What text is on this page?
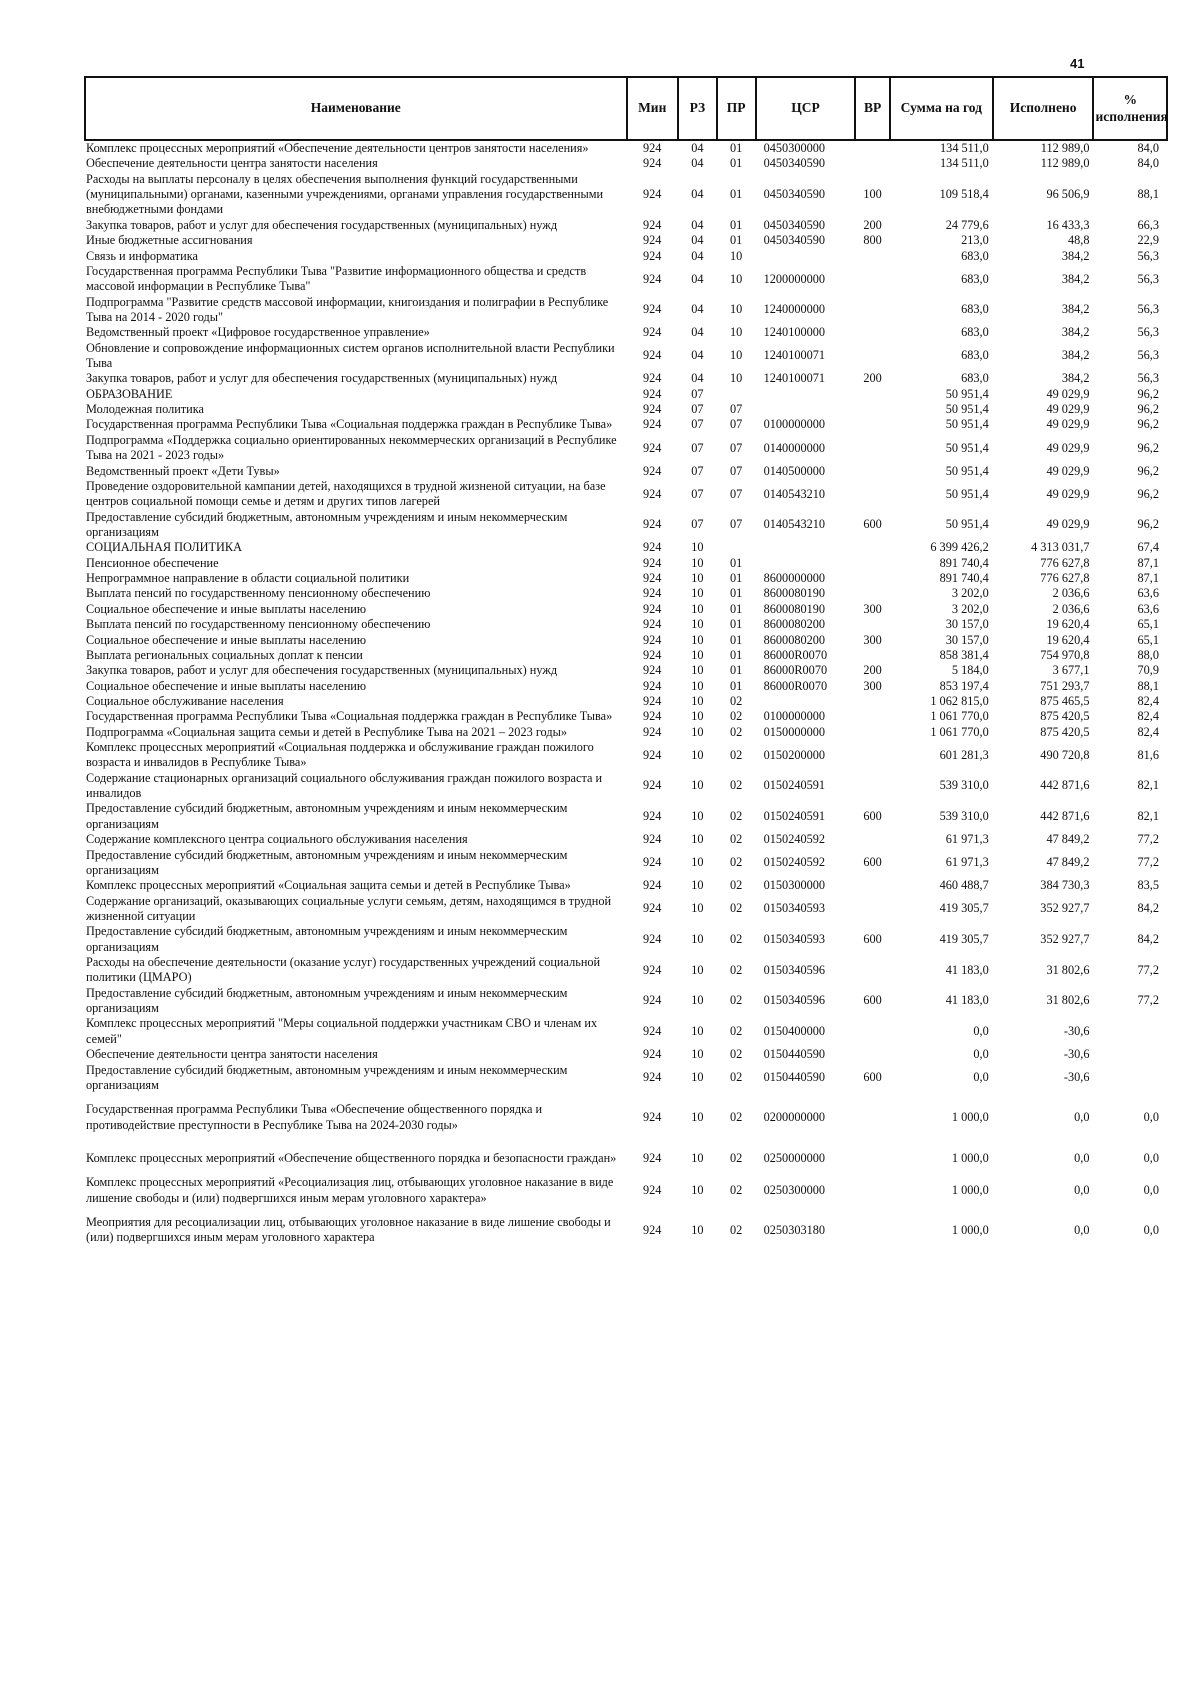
41
Наименование	Мин	РЗ	ПР	ЦСР	ВР	Сумма на год	Исполнено	% исполнения
Комплекс процессных мероприятий «Обеспечение деятельности центров занятости населения»	924	04	01	0450300000		134 511,0	112 989,0	84,0
Обеспечение деятельности центра занятости населения	924	04	01	0450340590		134 511,0	112 989,0	84,0
Расходы на выплаты персоналу в целях обеспечения выполнения функций государственными (муниципальными) органами, казенными учреждениями, органами управления государственными внебюджетными фондами	924	04	01	0450340590	100	109 518,4	96 506,9	88,1
Закупка товаров, работ и услуг для обеспечения государственных (муниципальных) нужд	924	04	01	0450340590	200	24 779,6	16 433,3	66,3
Иные бюджетные ассигнования	924	04	01	0450340590	800	213,0	48,8	22,9
Связь и информатика	924	04	10			683,0	384,2	56,3
Государственная программа Республики Тыва "Развитие информационного общества и средств массовой информации в Республике Тыва"	924	04	10	1200000000		683,0	384,2	56,3
Подпрограмма "Развитие средств массовой информации, книгоиздания и полиграфии в Республике Тыва на 2014 - 2020 годы"	924	04	10	1240000000		683,0	384,2	56,3
Ведомственный проект «Цифровое государственное управление»	924	04	10	1240100000		683,0	384,2	56,3
Обновление и сопровождение информационных систем органов исполнительной власти Республики Тыва	924	04	10	1240100071		683,0	384,2	56,3
Закупка товаров, работ и услуг для обеспечения государственных (муниципальных) нужд	924	04	10	1240100071	200	683,0	384,2	56,3
ОБРАЗОВАНИЕ	924	07				50 951,4	49 029,9	96,2
Молодежная политика	924	07	07			50 951,4	49 029,9	96,2
Государственная программа Республики Тыва «Социальная поддержка граждан в Республике Тыва»	924	07	07	0100000000		50 951,4	49 029,9	96,2
Подпрограмма «Поддержка социально ориентированных некоммерческих организаций в Республике Тыва на 2021 - 2023 годы»	924	07	07	0140000000		50 951,4	49 029,9	96,2
Ведомственный проект «Дети Тувы»	924	07	07	0140500000		50 951,4	49 029,9	96,2
Проведение оздоровительной кампании детей, находящихся в трудной жизненой ситуации, на базе центров социальной помощи семье и детям и других типов лагерей	924	07	07	0140543210		50 951,4	49 029,9	96,2
Предоставление субсидий бюджетным, автономным учреждениям и иным некоммерческим организациям	924	07	07	0140543210	600	50 951,4	49 029,9	96,2
СОЦИАЛЬНАЯ ПОЛИТИКА	924	10				6 399 426,2	4 313 031,7	67,4
Пенсионное обеспечение	924	10	01			891 740,4	776 627,8	87,1
Непрограммное направление в области социальной политики	924	10	01	8600000000		891 740,4	776 627,8	87,1
Выплата пенсий по государственному пенсионному обеспечению	924	10	01	8600080190		3 202,0	2 036,6	63,6
Социальное обеспечение и иные выплаты населению	924	10	01	8600080190	300	3 202,0	2 036,6	63,6
Выплата пенсий по государственному пенсионному обеспечению	924	10	01	8600080200		30 157,0	19 620,4	65,1
Социальное обеспечение и иные выплаты населению	924	10	01	8600080200	300	30 157,0	19 620,4	65,1
Выплата региональных социальных доплат к пенсии	924	10	01	86000R0070		858 381,4	754 970,8	88,0
Закупка товаров, работ и услуг для обеспечения государственных (муниципальных) нужд	924	10	01	86000R0070	200	5 184,0	3 677,1	70,9
Социальное обеспечение и иные выплаты населению	924	10	01	86000R0070	300	853 197,4	751 293,7	88,1
Социальное обслуживание населения	924	10	02			1 062 815,0	875 465,5	82,4
Государственная программа Республики Тыва «Социальная поддержка граждан в Республике Тыва»	924	10	02	0100000000		1 061 770,0	875 420,5	82,4
Подпрограмма «Социальная защита семьи и детей в Республике Тыва на 2021 – 2023 годы»	924	10	02	0150000000		1 061 770,0	875 420,5	82,4
Комплекс процессных мероприятий «Социальная поддержка и обслуживание граждан пожилого возраста и инвалидов в Республике Тыва»	924	10	02	0150200000		601 281,3	490 720,8	81,6
Содержание стационарных организаций социального обслуживания граждан пожилого возраста и инвалидов	924	10	02	0150240591		539 310,0	442 871,6	82,1
Предоставление субсидий бюджетным, автономным учреждениям и иным некоммерческим организациям	924	10	02	0150240591	600	539 310,0	442 871,6	82,1
Содержание комплексного центра социального обслуживания населения	924	10	02	0150240592		61 971,3	47 849,2	77,2
Предоставление субсидий бюджетным, автономным учреждениям и иным некоммерческим организациям	924	10	02	0150240592	600	61 971,3	47 849,2	77,2
Комплекс процессных мероприятий «Социальная защита семьи и детей в Республике Тыва»	924	10	02	0150300000		460 488,7	384 730,3	83,5
Содержание организаций, оказывающих социальные услуги семьям, детям, находящимся в трудной жизненной ситуации	924	10	02	0150340593		419 305,7	352 927,7	84,2
Предоставление субсидий бюджетным, автономным учреждениям и иным некоммерческим организациям	924	10	02	0150340593	600	419 305,7	352 927,7	84,2
Расходы на обеспечение деятельности (оказание услуг) государственных учреждений социальной политики (ЦМАРО)	924	10	02	0150340596		41 183,0	31 802,6	77,2
Предоставление субсидий бюджетным, автономным учреждениям и иным некоммерческим организациям	924	10	02	0150340596	600	41 183,0	31 802,6	77,2
Комплекс процессных мероприятий "Меры социальной поддержки участникам СВО и членам их семей"	924	10	02	0150400000		0,0	-30,6	
Обеспечение деятельности центра занятости населения	924	10	02	0150440590		0,0	-30,6	
Предоставление субсидий бюджетным, автономным учреждениям и иным некоммерческим организациям	924	10	02	0150440590	600	0,0	-30,6	
Государственная программа Республики Тыва «Обеспечение общественного порядка и противодействие преступности в Республике Тыва на 2024-2030 годы»	924	10	02	0200000000		1 000,0	0,0	0,0
Комплекс процессных мероприятий «Обеспечение общественного порядка и безопасности граждан»	924	10	02	0250000000		1 000,0	0,0	0,0
Комплекс процессных мероприятий «Ресоциализация лиц, отбывающих уголовное наказание в виде лишение свободы и (или) подвергшихся иным мерам уголовного характера»	924	10	02	0250300000		1 000,0	0,0	0,0
Меоприятия для ресоциализации лиц, отбывающих уголовное наказание в виде лишение свободы и (или) подвергшихся иным мерам уголовного характера	924	10	02	0250303180		1 000,0	0,0	0,0
